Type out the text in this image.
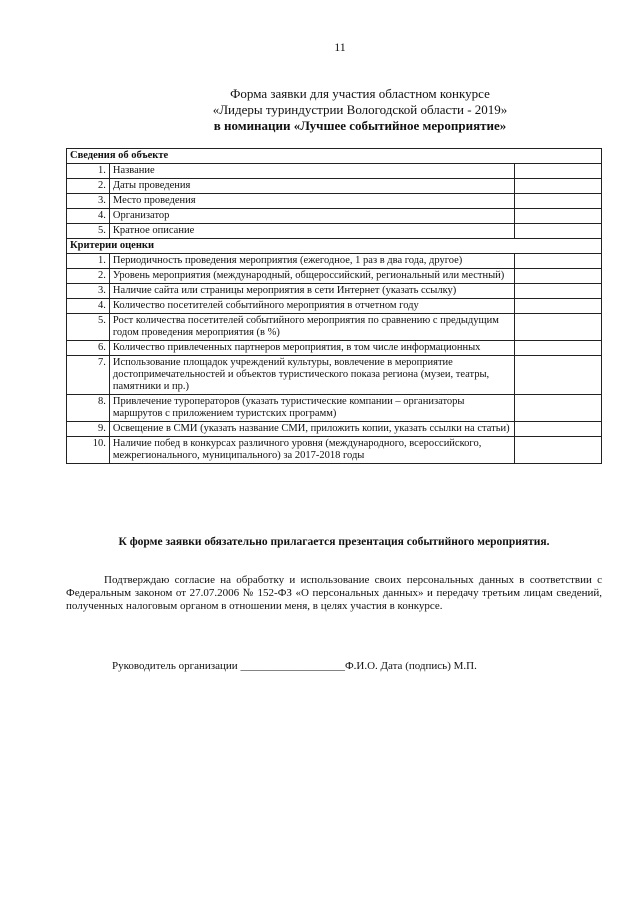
11
Форма заявки для участия областном конкурсе
«Лидеры туриндустрии Вологодской области - 2019»
в номинации «Лучшее событийное мероприятие»
Сведения об объекте		
1.	Название	
2.	Даты проведения	
3.	Место проведения	
4.	Организатор	
5.	Кратное описание	
Критерии оценки		
1.	Периодичность проведения мероприятия (ежегодное, 1 раз в два года, другое)	
2.	Уровень мероприятия (международный, общероссийский, региональный или местный)	
3.	Наличие сайта или страницы мероприятия в сети Интернет (указать ссылку)	
4.	Количество посетителей событийного мероприятия в отчетном году	
5.	Рост количества посетителей событийного мероприятия по сравнению с предыдущим годом проведения мероприятия (в %)	
6.	Количество привлеченных партнеров мероприятия, в том числе информационных	
7.	Использование площадок учреждений культуры, вовлечение в мероприятие достопримечательностей и объектов туристического показа региона (музеи, театры, памятники и пр.)	
8.	Привлечение туроператоров (указать туристические компании – организаторы маршрутов с приложением туристских программ)	
9.	Освещение в СМИ (указать название СМИ, приложить копии, указать ссылки на статьи)	
10.	Наличие побед в конкурсах различного уровня (международного, всероссийского, межрегионального, муниципального) за 2017-2018 годы	
К форме заявки обязательно прилагается презентация событийного мероприятия.
Подтверждаю согласие на обработку и использование своих персональных данных в соответствии с Федеральным законом от 27.07.2006 № 152-ФЗ «О персональных данных» и передачу третьим лицам сведений, полученных налоговым органом в отношении меня, в целях участия в конкурсе.
Руководитель организации ___________________Ф.И.О. Дата (подпись) М.П.
